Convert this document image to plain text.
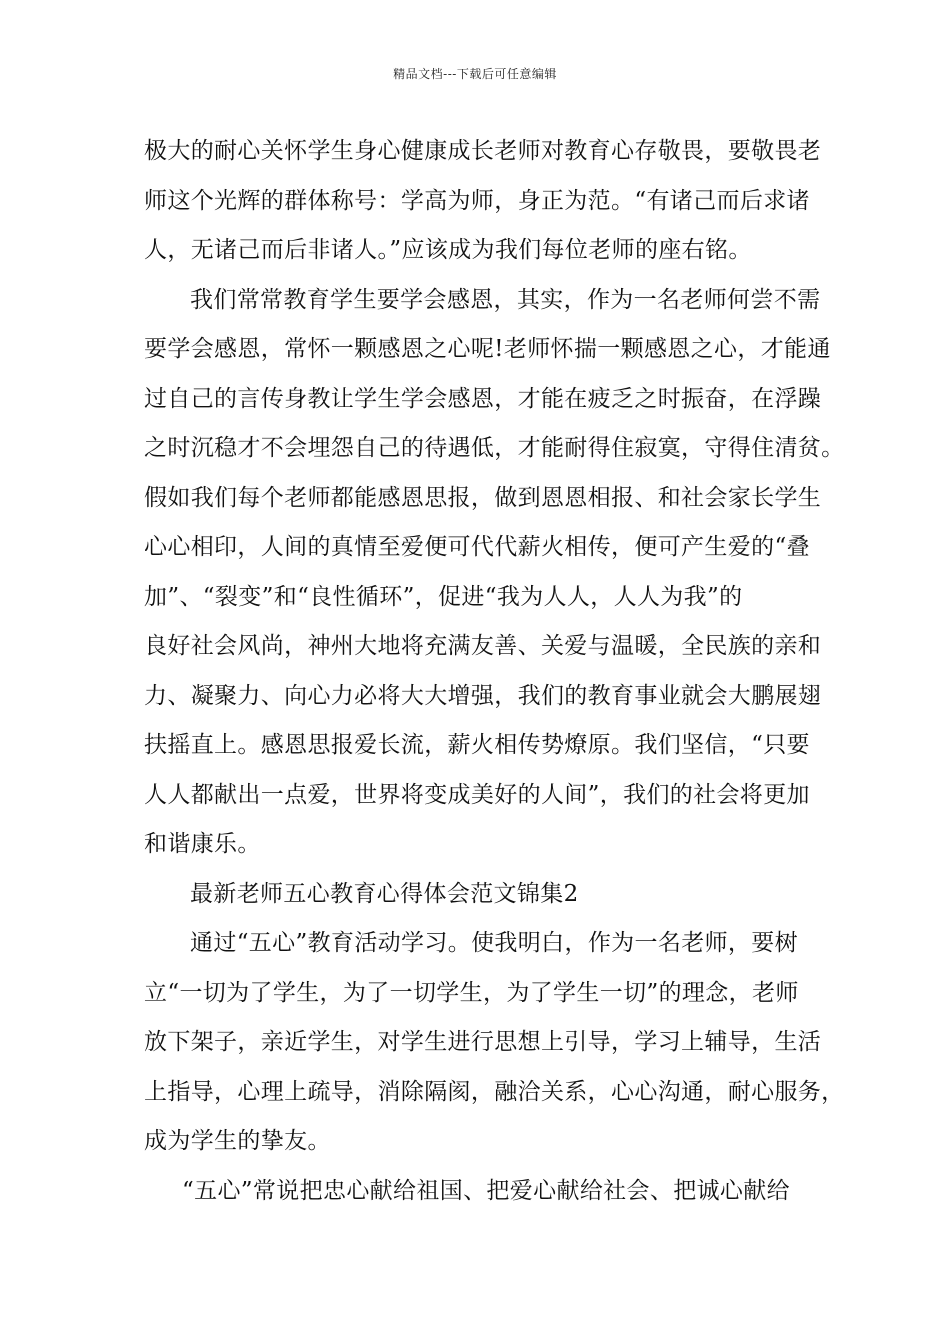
精品文档---下载后可任意编辑
极大的耐心关怀学生身心健康成长老师对教育心存敬畏，要敬畏老
师这个光辉的群体称号：学高为师，身正为范。“有诸己而后求诸
人，无诸己而后非诸人。”应该成为我们每位老师的座右铭。
我们常常教育学生要学会感恩，其实，作为一名老师何尝不需
要学会感恩，常怀一颗感恩之心呢!老师怀揣一颗感恩之心，才能通
过自己的言传身教让学生学会感恩，才能在疲乏之时振奋，在浮躁
之时沉稳才不会埋怨自己的待遇低，才能耐得住寂寞，守得住清贫。
假如我们每个老师都能感恩思报，做到恩恩相报、和社会家长学生
心心相印，人间的真情至爱便可代代薪火相传，便可产生爱的“叠
加”、“裂变”和“良性循环”，促进“我为人人，人人为我”的
良好社会风尚，神州大地将充满友善、关爱与温暖，全民族的亲和
力、凝聚力、向心力必将大大增强，我们的教育事业就会大鹏展翅
扶摇直上。感恩思报爱长流，薪火相传势燎原。我们坚信，“只要
人人都献出一点爱，世界将变成美好的人间”，我们的社会将更加
和谐康乐。
最新老师五心教育心得体会范文锦集2
通过“五心”教育活动学习。使我明白，作为一名老师，要树
立“一切为了学生，为了一切学生，为了学生一切”的理念，老师
放下架子，亲近学生，对学生进行思想上引导，学习上辅导，生活
上指导，心理上疏导，消除隔阂，融洽关系，心心沟通，耐心服务，
成为学生的挚友。
“五心”常说把忠心献给祖国、把爱心献给社会、把诚心献给
